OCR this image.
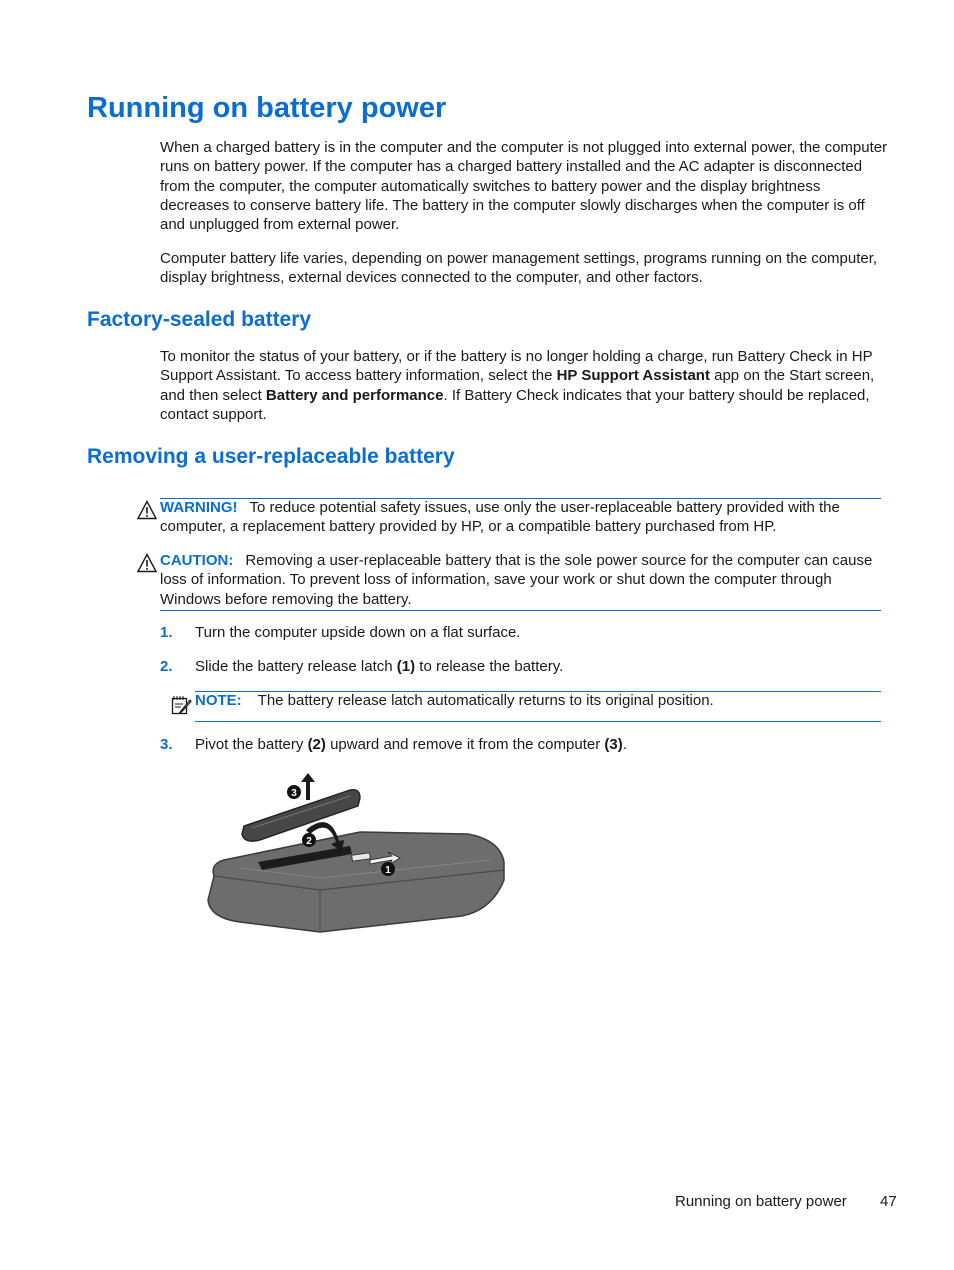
Running on battery power

When a charged battery is in the computer and the computer is not plugged into external power, the computer runs on battery power. If the computer has a charged battery installed and the AC adapter is disconnected from the computer, the computer automatically switches to battery power and the display brightness decreases to conserve battery life. The battery in the computer slowly discharges when the computer is off and unplugged from external power.

Computer battery life varies, depending on power management settings, programs running on the computer, display brightness, external devices connected to the computer, and other factors.

Factory-sealed battery

To monitor the status of your battery, or if the battery is no longer holding a charge, run Battery Check in HP Support Assistant. To access battery information, select the HP Support Assistant app on the Start screen, and then select Battery and performance. If Battery Check indicates that your battery should be replaced, contact support.

Removing a user-replaceable battery
WARNING! To reduce potential safety issues, use only the user-replaceable battery provided with the computer, a replacement battery provided by HP, or a compatible battery purchased from HP.
CAUTION: Removing a user-replaceable battery that is the sole power source for the computer can cause loss of information. To prevent loss of information, save your work or shut down the computer through Windows before removing the battery.
1. Turn the computer upside down on a flat surface.
2. Slide the battery release latch (1) to release the battery.
NOTE: The battery release latch automatically returns to its original position.
3. Pivot the battery (2) upward and remove it from the computer (3).
3
2
1
Running on battery power 47
